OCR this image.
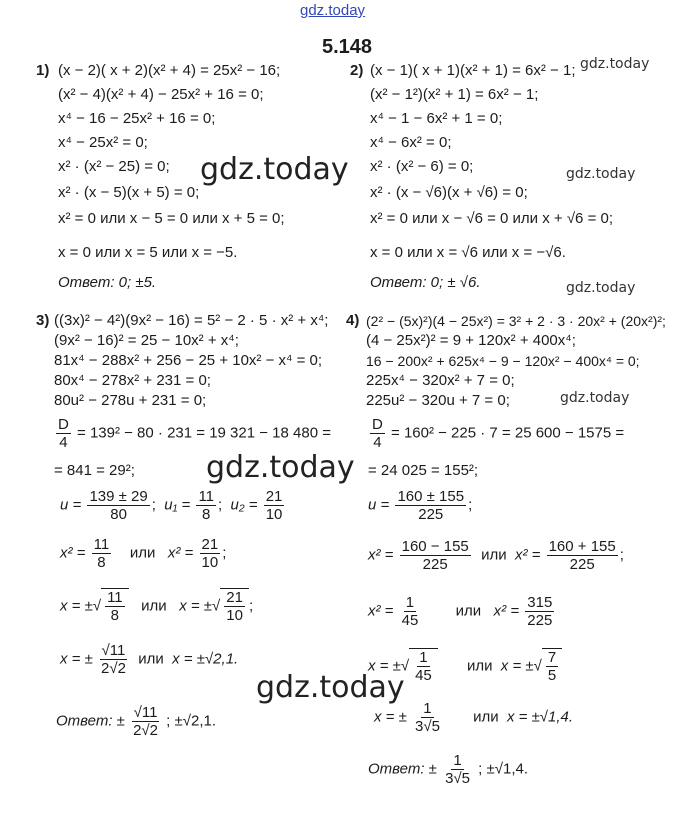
gdz.today
5.148
1) (x − 2)( x + 2)(x² + 4) = 25x² − 16;
(x² − 4)(x² + 4) − 25x² + 16 = 0;
x⁴ − 16 − 25x² + 16 = 0;
x⁴ − 25x² = 0;
x² · (x² − 25) = 0;
x² · (x − 5)(x + 5) = 0;
x² = 0 или x − 5 = 0 или x + 5 = 0;
x = 0 или x = 5 или x = −5.
Ответ: 0; ±5.
2) (x − 1)( x + 1)(x² + 1) = 6x² − 1;
(x² − 1²)(x² + 1) = 6x² − 1;
x⁴ − 1 − 6x² + 1 = 0;
x⁴ − 6x² = 0;
x² · (x² − 6) = 0;
x² · (x − √6)(x + √6) = 0;
x² = 0 или x − √6 = 0 или x + √6 = 0;
x = 0 или x = √6 или x = −√6.
Ответ: 0; ± √6.
3) ((3x)² − 4²)(9x² − 16) = 5² − 2 · 5 · x² + x⁴;
(9x² − 16)² = 25 − 10x² + x⁴;
81x⁴ − 288x² + 256 − 25 + 10x² − x⁴ = 0;
80x⁴ − 278x² + 231 = 0;
80u² − 278u + 231 = 0;
$\frac{D}{4} = 139^2 - 80 \cdot 231 = 19$ 321 − 18 480 =
= 841 = 29²;
$u = \frac{139 \pm 29}{80}$ ;  $u_1 = \frac{11}{8}$ ;  $u_2 = \frac{21}{10}$
$x^2 = \frac{11}{8}$ или $x^2 = \frac{21}{10}$ ;
x = ±√ $\frac{11}{8}$ или x = ±√ $\frac{21}{10}$ ;
x = ± $\frac{√11}{2√2}$ или x = ±√2,1.
Ответ: ± $\frac{√11}{2√2}$ ; ±√2,1.
4) (2² − (5x)²)(4 − 25x²) = 3² + 2 · 3 · 20x² + (20x²)²;
(4 − 25x²)² = 9 + 120x² + 400x⁴;
16 − 200x² + 625x⁴ − 9 − 120x² − 400x⁴ = 0;
225x⁴ − 320x² + 7 = 0;
225u² − 320u + 7 = 0;
$\frac{D}{4} = 160^2 - 225 \cdot 7 = 25$ 600 − 1575 =
= 24 025 = 155²;
$u = \frac{160 \pm 155}{225}$ ;
$x^2 = \frac{160 - 155}{225}$ или $x^2 = \frac{160 + 155}{225}$ ;
$x^2 = \frac{1}{45}$ или $x^2 = \frac{315}{225}$
x = ±√ $\frac{1}{45}$ или x = ±√ $\frac{7}{5}$
x = ± $\frac{1}{3√5}$ или x = ±√1,4.
Ответ: ± $\frac{1}{3√5}$ ; ±√1,4.
gdz.today
gdz.today
gdz.today
gdz.today
gdz.today
gdz.today
gdz.today
